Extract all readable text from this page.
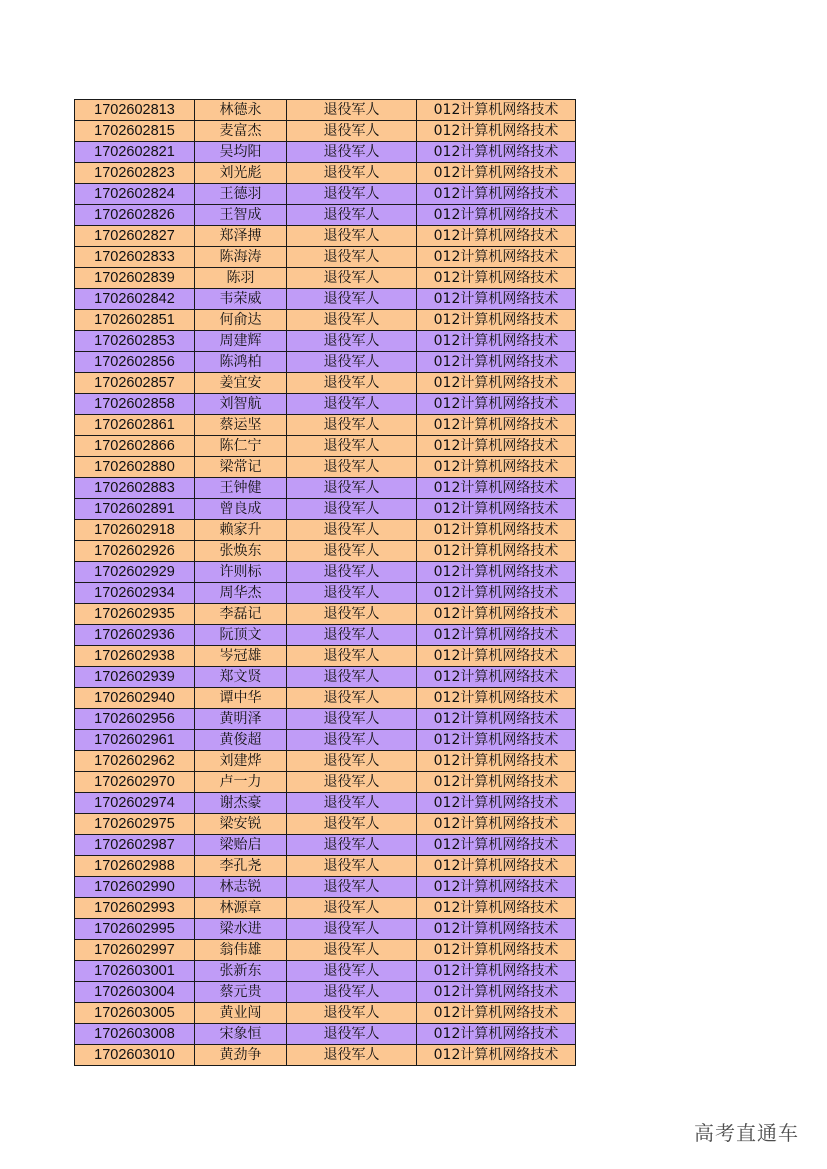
1702602813	林德永	退役军人	012计算机网络技术
1702602815	麦富杰	退役军人	012计算机网络技术
1702602821	吴均阳	退役军人	012计算机网络技术
1702602823	刘光彪	退役军人	012计算机网络技术
1702602824	王德羽	退役军人	012计算机网络技术
1702602826	王智成	退役军人	012计算机网络技术
1702602827	郑泽搏	退役军人	012计算机网络技术
1702602833	陈海涛	退役军人	012计算机网络技术
1702602839	陈羽	退役军人	012计算机网络技术
1702602842	韦荣威	退役军人	012计算机网络技术
1702602851	何俞达	退役军人	012计算机网络技术
1702602853	周建辉	退役军人	012计算机网络技术
1702602856	陈鸿柏	退役军人	012计算机网络技术
1702602857	姜宜安	退役军人	012计算机网络技术
1702602858	刘智航	退役军人	012计算机网络技术
1702602861	蔡运坚	退役军人	012计算机网络技术
1702602866	陈仁宁	退役军人	012计算机网络技术
1702602880	梁常记	退役军人	012计算机网络技术
1702602883	王钟健	退役军人	012计算机网络技术
1702602891	曾良成	退役军人	012计算机网络技术
1702602918	赖家升	退役军人	012计算机网络技术
1702602926	张焕东	退役军人	012计算机网络技术
1702602929	许则标	退役军人	012计算机网络技术
1702602934	周华杰	退役军人	012计算机网络技术
1702602935	李磊记	退役军人	012计算机网络技术
1702602936	阮顶文	退役军人	012计算机网络技术
1702602938	岑冠雄	退役军人	012计算机网络技术
1702602939	郑文贤	退役军人	012计算机网络技术
1702602940	谭中华	退役军人	012计算机网络技术
1702602956	黄明泽	退役军人	012计算机网络技术
1702602961	黄俊超	退役军人	012计算机网络技术
1702602962	刘建烨	退役军人	012计算机网络技术
1702602970	卢一力	退役军人	012计算机网络技术
1702602974	谢杰豪	退役军人	012计算机网络技术
1702602975	梁安锐	退役军人	012计算机网络技术
1702602987	梁贻启	退役军人	012计算机网络技术
1702602988	李孔尧	退役军人	012计算机网络技术
1702602990	林志锐	退役军人	012计算机网络技术
1702602993	林源章	退役军人	012计算机网络技术
1702602995	梁水进	退役军人	012计算机网络技术
1702602997	翁伟雄	退役军人	012计算机网络技术
1702603001	张新东	退役军人	012计算机网络技术
1702603004	蔡元贵	退役军人	012计算机网络技术
1702603005	黄业闯	退役军人	012计算机网络技术
1702603008	宋象恒	退役军人	012计算机网络技术
1702603010	黄劲争	退役军人	012计算机网络技术
高考直通车
